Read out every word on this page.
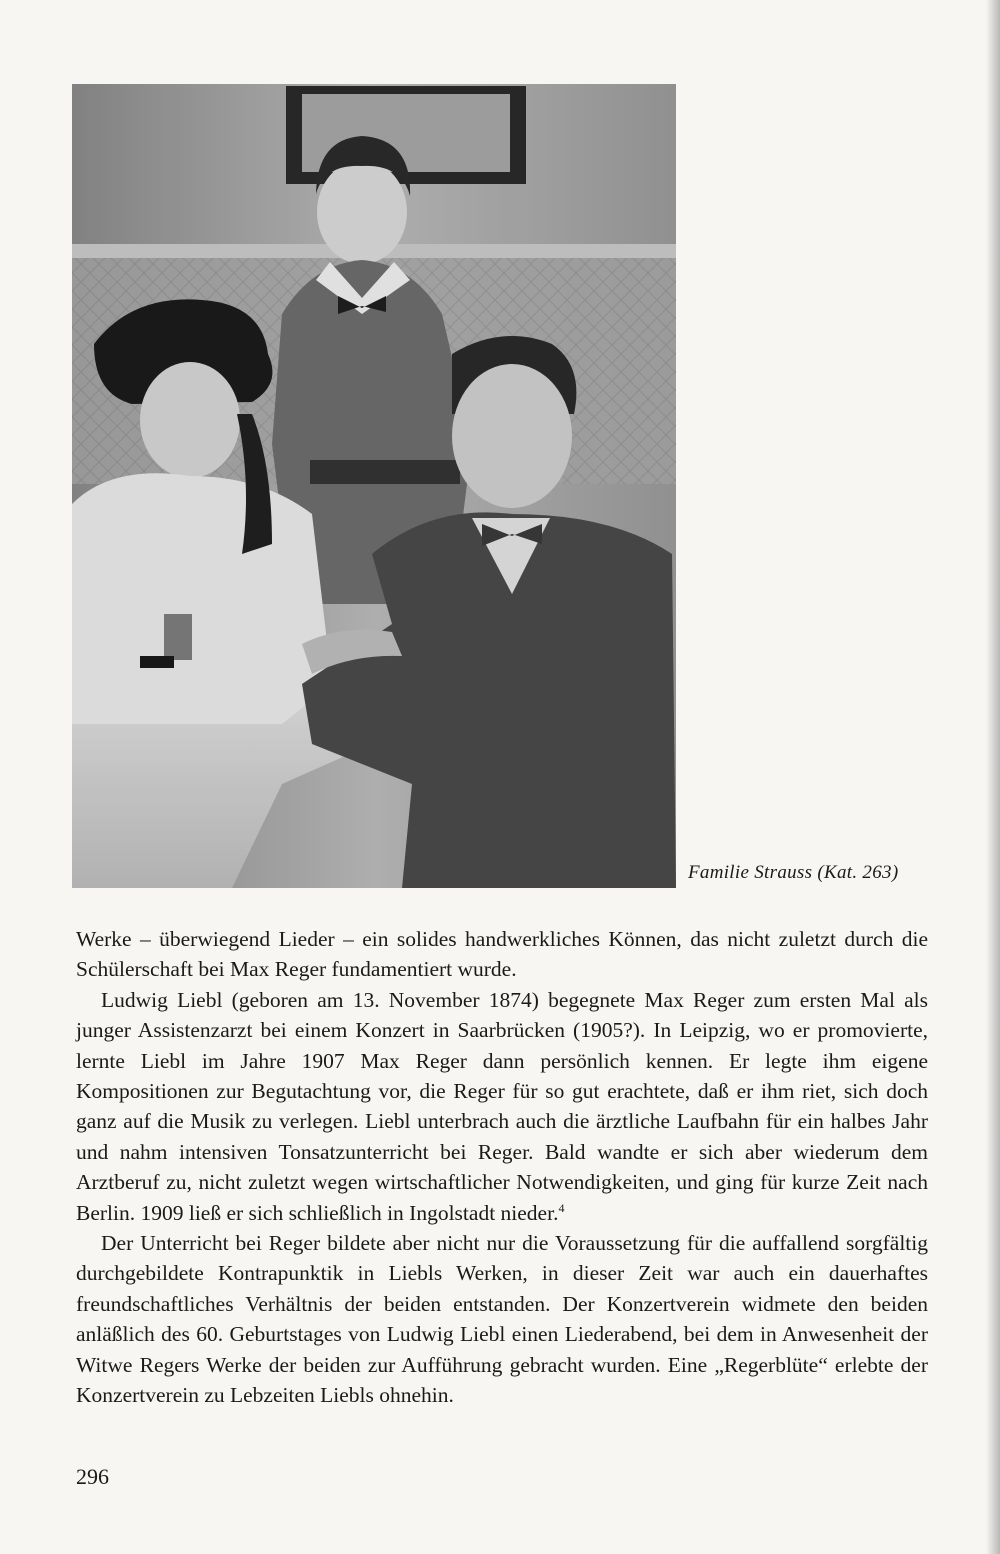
Familie Strauss (Kat. 263)

Werke – überwiegend Lieder – ein solides handwerkliches Können, das nicht zuletzt durch die Schülerschaft bei Max Reger fundamentiert wurde.

Ludwig Liebl (geboren am 13. November 1874) begegnete Max Reger zum ersten Mal als junger Assistenzarzt bei einem Konzert in Saarbrücken (1905?). In Leipzig, wo er promovierte, lernte Liebl im Jahre 1907 Max Reger dann persönlich kennen. Er legte ihm eigene Kompositionen zur Begutachtung vor, die Reger für so gut erachtete, daß er ihm riet, sich doch ganz auf die Musik zu verlegen. Liebl unterbrach auch die ärztliche Laufbahn für ein halbes Jahr und nahm intensiven Tonsatzunterricht bei Reger. Bald wandte er sich aber wiederum dem Arztberuf zu, nicht zuletzt wegen wirtschaftlicher Notwendigkeiten, und ging für kurze Zeit nach Berlin. 1909 ließ er sich schließlich in Ingolstadt nieder.$^4$

Der Unterricht bei Reger bildete aber nicht nur die Voraussetzung für die auffallend sorgfältig durchgebildete Kontrapunktik in Liebls Werken, in dieser Zeit war auch ein dauerhaftes freundschaftliches Verhältnis der beiden entstanden. Der Konzertverein widmete den beiden anläßlich des 60. Geburtstages von Ludwig Liebl einen Liederabend, bei dem in Anwesenheit der Witwe Regers Werke der beiden zur Aufführung gebracht wurden. Eine „Regerblüte“ erlebte der Konzertverein zu Lebzeiten Liebls ohnehin.

296
